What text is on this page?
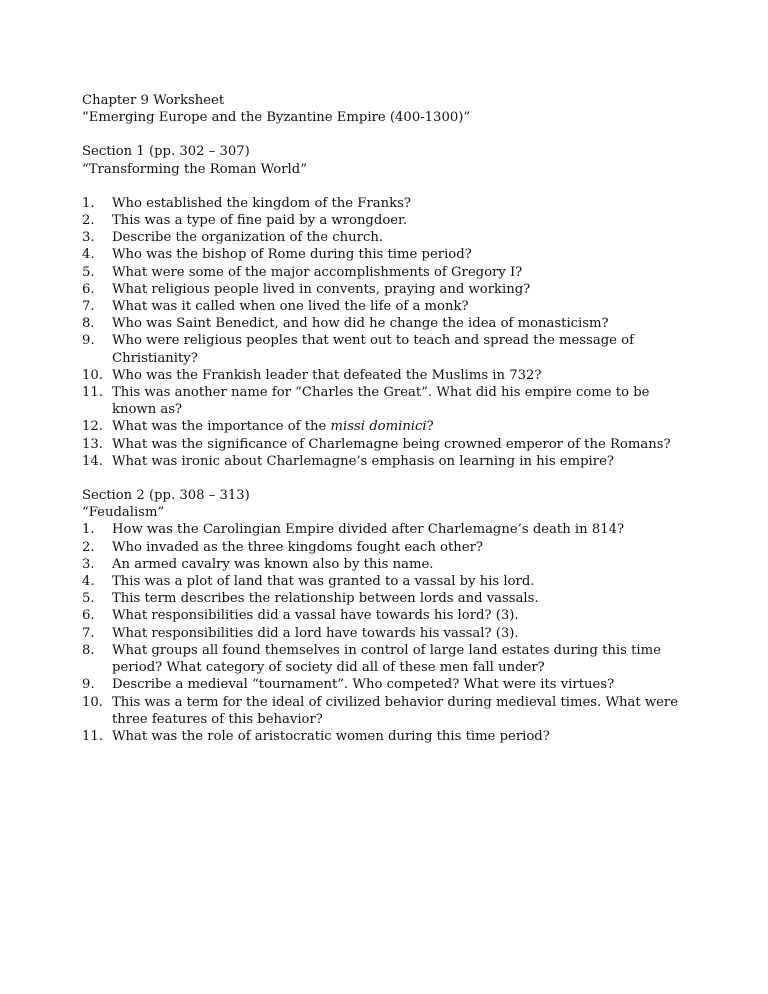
Chapter 9 Worksheet
“Emerging Europe and the Byzantine Empire (400-1300)”
Section 1 (pp. 302 – 307)
“Transforming the Roman World”
1. Who established the kingdom of the Franks?
2. This was a type of fine paid by a wrongdoer.
3. Describe the organization of the church.
4. Who was the bishop of Rome during this time period?
5. What were some of the major accomplishments of Gregory I?
6. What religious people lived in convents, praying and working?
7. What was it called when one lived the life of a monk?
8. Who was Saint Benedict, and how did he change the idea of monasticism?
9. Who were religious peoples that went out to teach and spread the message of Christianity?
10. Who was the Frankish leader that defeated the Muslims in 732?
11. This was another name for “Charles the Great”. What did his empire come to be known as?
12. What was the importance of the missi dominici?
13. What was the significance of Charlemagne being crowned emperor of the Romans?
14. What was ironic about Charlemagne’s emphasis on learning in his empire?
Section 2 (pp. 308 – 313)
“Feudalism”
1. How was the Carolingian Empire divided after Charlemagne’s death in 814?
2. Who invaded as the three kingdoms fought each other?
3. An armed cavalry was known also by this name.
4. This was a plot of land that was granted to a vassal by his lord.
5. This term describes the relationship between lords and vassals.
6. What responsibilities did a vassal have towards his lord? (3).
7. What responsibilities did a lord have towards his vassal? (3).
8. What groups all found themselves in control of large land estates during this time period? What category of society did all of these men fall under?
9. Describe a medieval “tournament”. Who competed? What were its virtues?
10. This was a term for the ideal of civilized behavior during medieval times. What were three features of this behavior?
11. What was the role of aristocratic women during this time period?
